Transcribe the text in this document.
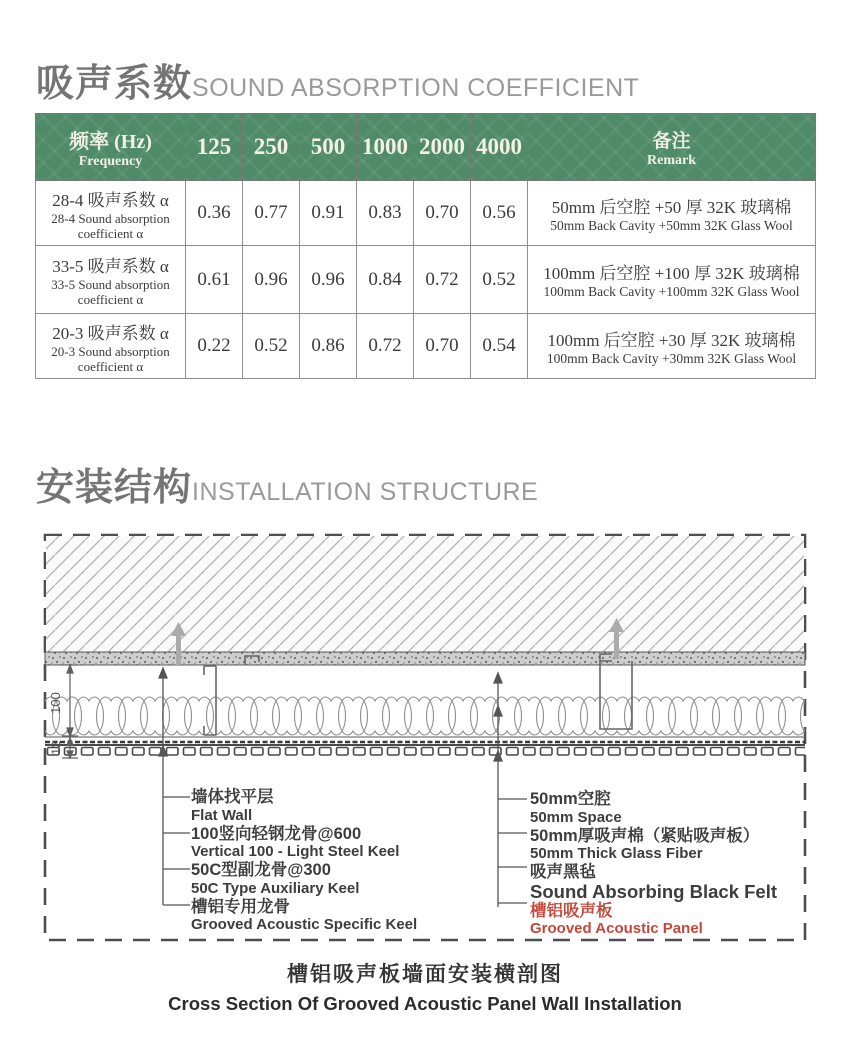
吸声系数SOUND ABSORPTION COEFFICIENT
频率 (Hz)
Frequency	125	250	500	1000	2000	4000	备注
Remark

28-4 吸声系数 α
28-4 Sound absorption coefficient α	0.36	0.77	0.91	0.83	0.70	0.56	50mm 后空腔 +50 厚 32K 玻璃棉
50mm Back Cavity +50mm 32K Glass Wool

33-5 吸声系数 α
33-5 Sound absorption coefficient α	0.61	0.96	0.96	0.84	0.72	0.52	100mm 后空腔 +100 厚 32K 玻璃棉
100mm Back Cavity +100mm 32K Glass Wool

20-3 吸声系数 α
20-3 Sound absorption coefficient α	0.22	0.52	0.86	0.72	0.70	0.54	100mm 后空腔 +30 厚 32K 玻璃棉
100mm Back Cavity +30mm 32K Glass Wool
安装结构INSTALLATION STRUCTURE
100
12
墙体找平层
Flat Wall
100竖向轻钢龙骨@600
Vertical 100 - Light Steel Keel
50C型副龙骨@300
50C Type Auxiliary Keel
槽铝专用龙骨
Grooved Acoustic Specific Keel
50mm空腔
50mm Space
50mm厚吸声棉（紧贴吸声板）
50mm Thick Glass Fiber
吸声黑毡
Sound Absorbing Black Felt
槽铝吸声板
Grooved Acoustic Panel
槽铝吸声板墙面安装横剖图
Cross Section Of Grooved Acoustic Panel Wall Installation
